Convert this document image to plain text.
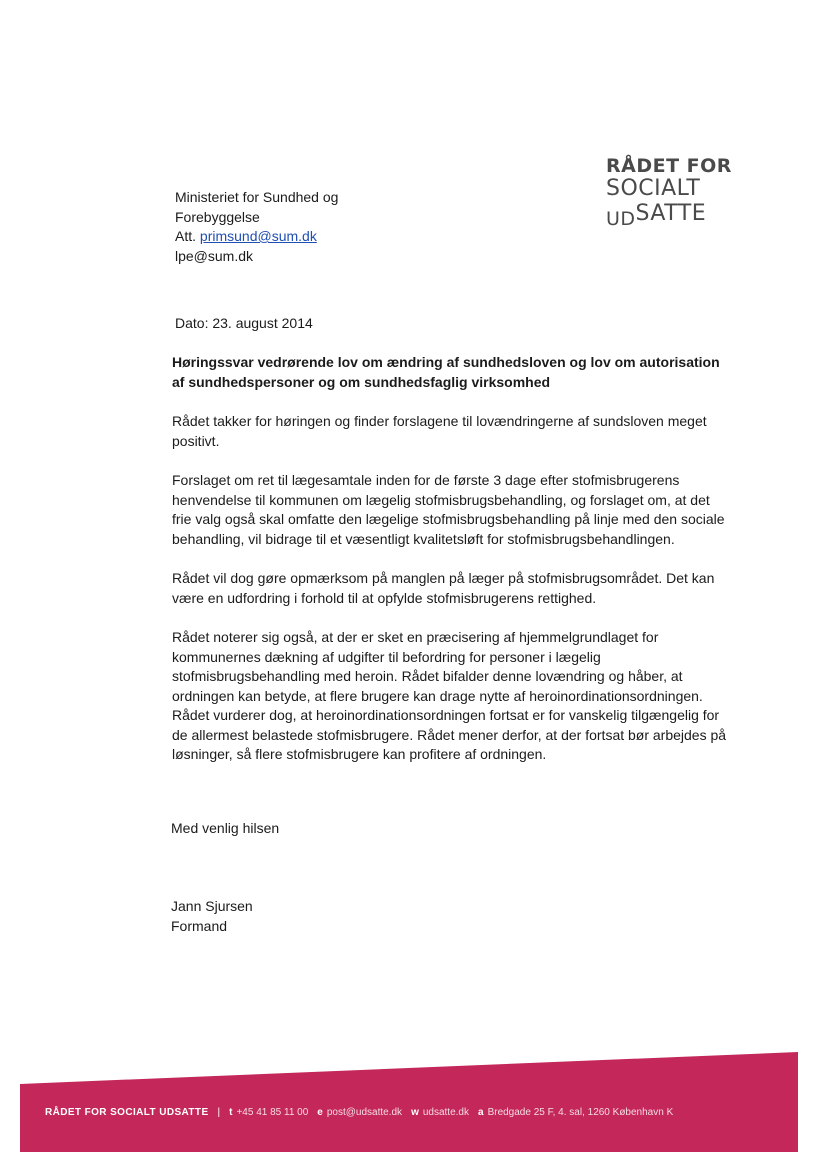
RÅDET FOR
SOCIALT
UDSATTE
Ministeriet for Sundhed og
Forebyggelse
Att. primsund@sum.dk
lpe@sum.dk
Dato: 23. august 2014

Høringssvar vedrørende lov om ændring af sundhedsloven og lov om autorisation af sundhedspersoner og om sundhedsfaglig virksomhed

Rådet takker for høringen og finder forslagene til lovændringerne af sundsloven meget positivt.

Forslaget om ret til lægesamtale inden for de første 3 dage efter stofmisbrugerens henvendelse til kommunen om lægelig stofmisbrugsbehandling, og forslaget om, at det frie valg også skal omfatte den lægelige stofmisbrugsbehandling på linje med den sociale behandling, vil bidrage til et væsentligt kvalitetsløft for stofmisbrugsbehandlingen.

Rådet vil dog gøre opmærksom på manglen på læger på stofmisbrugsområdet. Det kan være en udfordring i forhold til at opfylde stofmisbrugerens rettighed.

Rådet noterer sig også, at der er sket en præcisering af hjemmelgrundlaget for kommunernes dækning af udgifter til befordring for personer i lægelig stofmisbrugsbehandling med heroin. Rådet bifalder denne lovændring og håber, at ordningen kan betyde, at flere brugere kan drage nytte af heroinordinationsordningen. Rådet vurderer dog, at heroinordinationsordningen fortsat er for vanskelig tilgængelig for de allermest belastede stofmisbrugere. Rådet mener derfor, at der fortsat bør arbejdes på løsninger, så flere stofmisbrugere kan profitere af ordningen.

Med venlig hilsen
Jann Sjursen
Formand
RÅDET FOR SOCIALT UDSATTE | t +45 41 85 11 00 e post@udsatte.dk w udsatte.dk a Bredgade 25 F, 4. sal, 1260 København K
